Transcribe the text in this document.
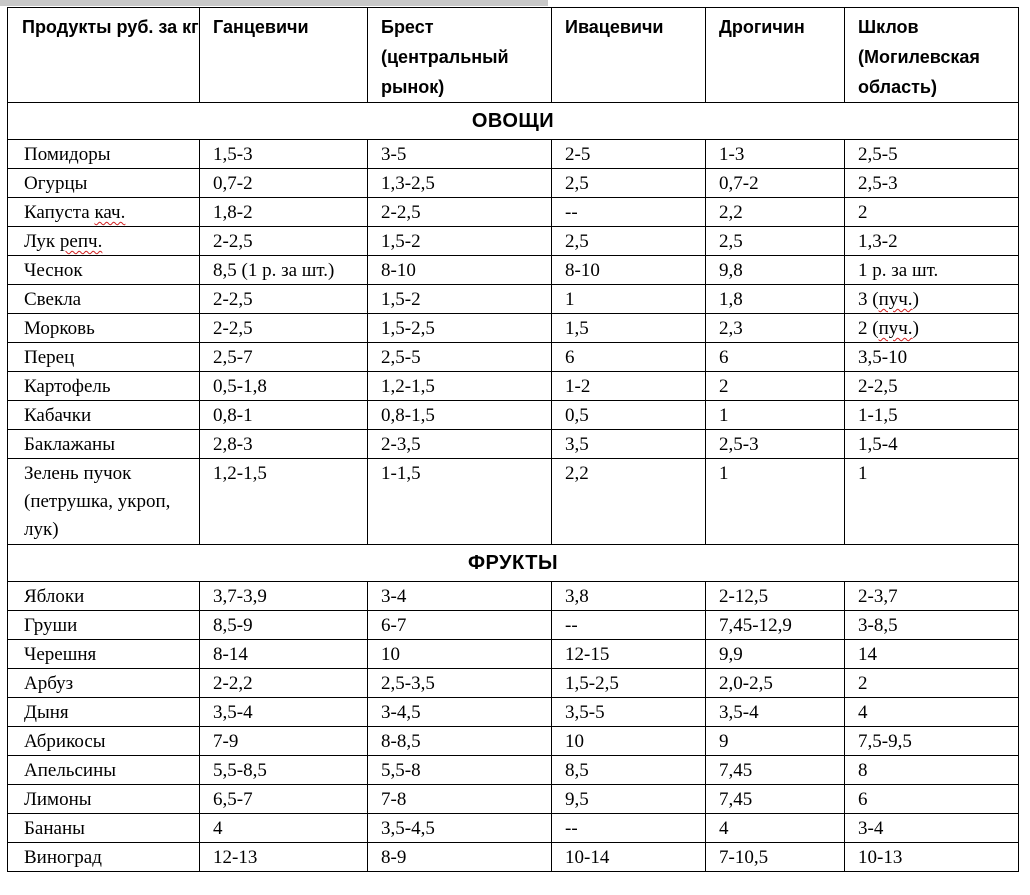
Продукты руб. за кг	Ганцевичи	Брест (центральный рынок)	Ивацевичи	Дрогичин	Шклов (Могилевская область)
ОВОЩИ					
Помидоры	1,5-3	3-5	2-5	1-3	2,5-5
Огурцы	0,7-2	1,3-2,5	2,5	0,7-2	2,5-3
Капуста кач.	1,8-2	2-2,5	--	2,2	2
Лук репч.	2-2,5	1,5-2	2,5	2,5	1,3-2
Чеснок	8,5 (1 р. за шт.)	8-10	8-10	9,8	1 р. за шт.
Свекла	2-2,5	1,5-2	1	1,8	3 (пуч.)
Морковь	2-2,5	1,5-2,5	1,5	2,3	2 (пуч.)
Перец	2,5-7	2,5-5	6	6	3,5-10
Картофель	0,5-1,8	1,2-1,5	1-2	2	2-2,5
Кабачки	0,8-1	0,8-1,5	0,5	1	1-1,5
Баклажаны	2,8-3	2-3,5	3,5	2,5-3	1,5-4
Зелень пучок (петрушка, укроп, лук)	1,2-1,5	1-1,5	2,2	1	1
ФРУКТЫ					
Яблоки	3,7-3,9	3-4	3,8	2-12,5	2-3,7
Груши	8,5-9	6-7	--	7,45-12,9	3-8,5
Черешня	8-14	10	12-15	9,9	14
Арбуз	2-2,2	2,5-3,5	1,5-2,5	2,0-2,5	2
Дыня	3,5-4	3-4,5	3,5-5	3,5-4	4
Абрикосы	7-9	8-8,5	10	9	7,5-9,5
Апельсины	5,5-8,5	5,5-8	8,5	7,45	8
Лимоны	6,5-7	7-8	9,5	7,45	6
Бананы	4	3,5-4,5	--	4	3-4
Виноград	12-13	8-9	10-14	7-10,5	10-13
